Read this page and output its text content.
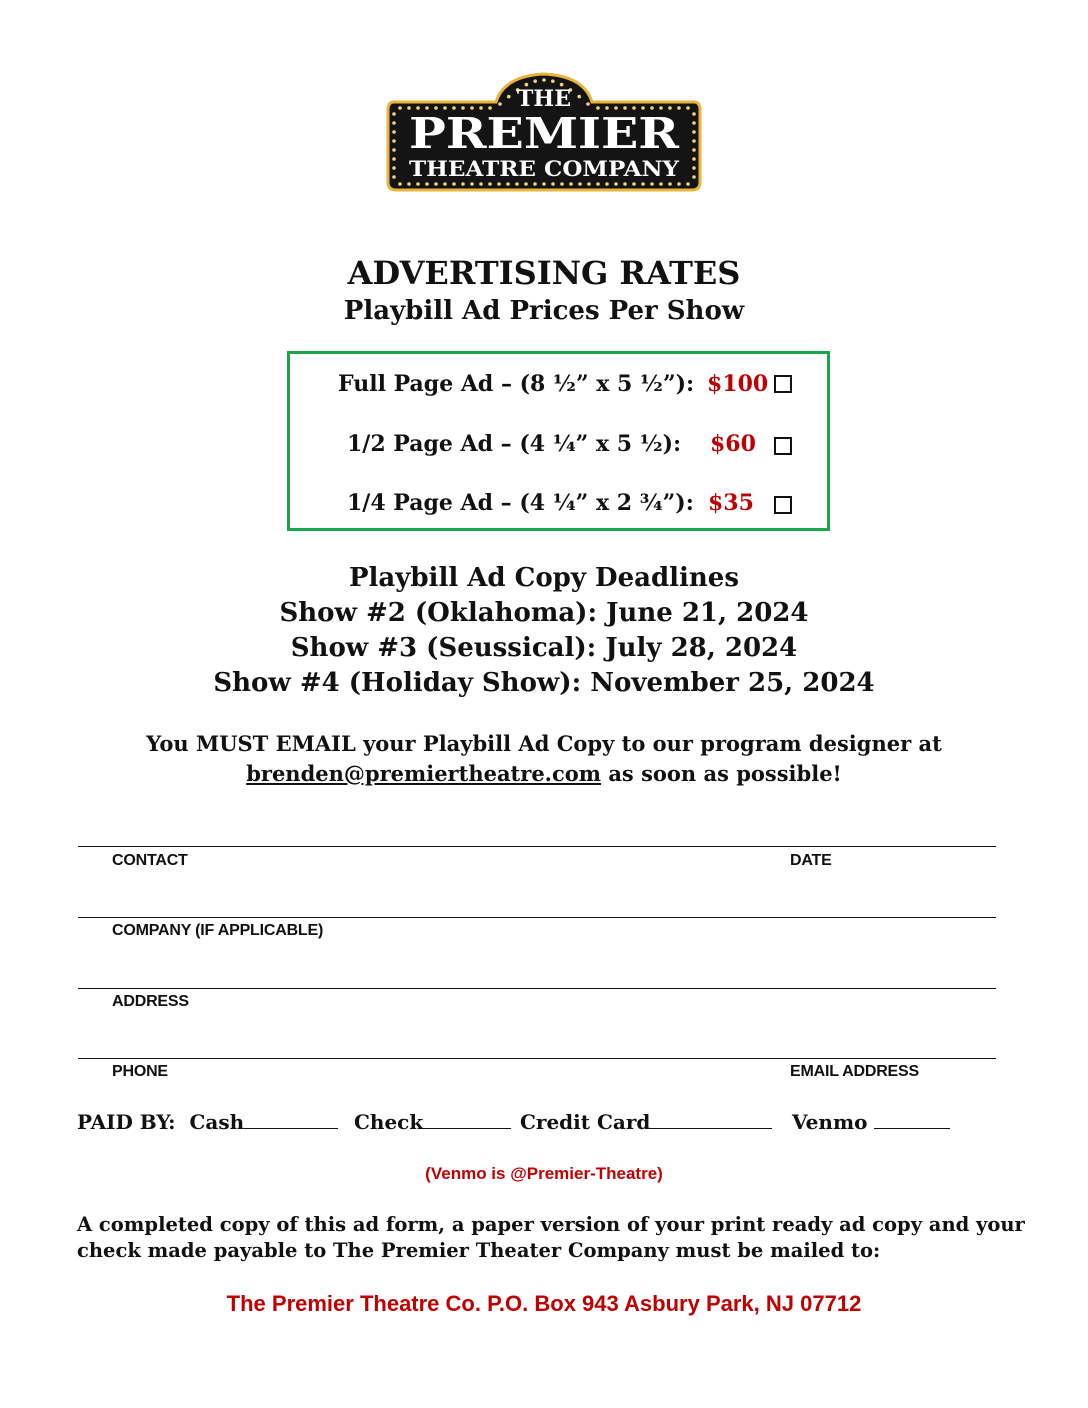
THE
PREMIER
THEATRE COMPANY
ADVERTISING RATES
Playbill Ad Prices Per Show
Full Page Ad – (8 ½” x 5 ½”): $100
1/2 Page Ad – (4 ¼” x 5 ½): $60
1/4 Page Ad – (4 ¼” x 2 ¾”): $35
Playbill Ad Copy Deadlines
Show #2 (Oklahoma): June 21, 2024
Show #3 (Seussical): July 28, 2024
Show #4 (Holiday Show): November 25, 2024
You MUST EMAIL your Playbill Ad Copy to our program designer at
brenden@premiertheatre.com as soon as possible!
CONTACT	DATE
COMPANY (IF APPLICABLE)
ADDRESS
PHONE	EMAIL ADDRESS
PAID BY: Cash	Check	Credit Card	Venmo
(Venmo is @Premier-Theatre)
A completed copy of this ad form, a paper version of your print ready ad copy and your
check made payable to The Premier Theater Company must be mailed to:
The Premier Theatre Co. P.O. Box 943 Asbury Park, NJ 07712
